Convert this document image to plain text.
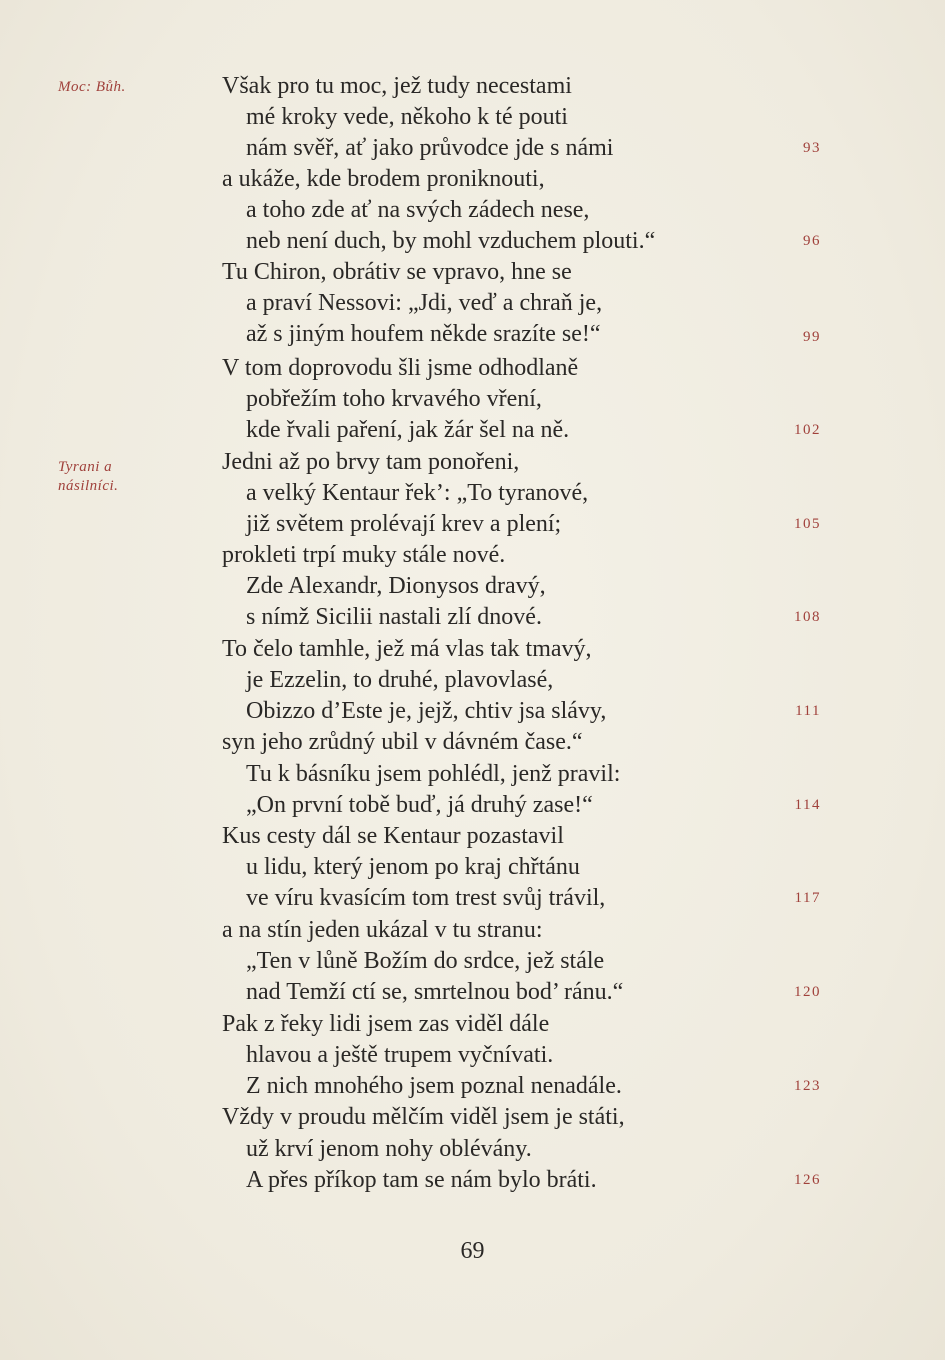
Moc: Bůh.
Tyrani a
násilníci.
Však pro tu moc, jež tudy necestami
mé kroky vede, někoho k té pouti
nám svěř, ať jako průvodce jde s námi
a ukáže, kde brodem proniknouti,
a toho zde ať na svých zádech nese,
neb není duch, by mohl vzduchem plouti.“
Tu Chiron, obrátiv se vpravo, hne se
a praví Nessovi: „Jdi, veď a chraň je,
až s jiným houfem někde srazíte se!“
V tom doprovodu šli jsme odhodlaně
pobřežím toho krvavého vření,
kde řvali paření, jak žár šel na ně.
Jedni až po brvy tam ponořeni,
a velký Kentaur řek’: „To tyranové,
již světem prolévají krev a plení;
prokleti trpí muky stále nové.
Zde Alexandr, Dionysos dravý,
s nímž Sicilii nastali zlí dnové.
To čelo tamhle, jež má vlas tak tmavý,
je Ezzelin, to druhé, plavovlasé,
Obizzo d’Este je, jejž, chtiv jsa slávy,
syn jeho zrůdný ubil v dávném čase.“
Tu k básníku jsem pohlédl, jenž pravil:
„On první tobě buď, já druhý zase!“
Kus cesty dál se Kentaur pozastavil
u lidu, který jenom po kraj chřtánu
ve víru kvasícím tom trest svůj trávil,
a na stín jeden ukázal v tu stranu:
„Ten v lůně Božím do srdce, jež stále
nad Temží ctí se, smrtelnou bod’ ránu.“
Pak z řeky lidi jsem zas viděl dále
hlavou a ještě trupem vyčnívati.
Z nich mnohého jsem poznal nenadále.
Vždy v proudu mělčím viděl jsem je státi,
už krví jenom nohy oblévány.
A přes příkop tam se nám bylo bráti.
93
96
99
102
105
108
111
114
117
120
123
126
69
